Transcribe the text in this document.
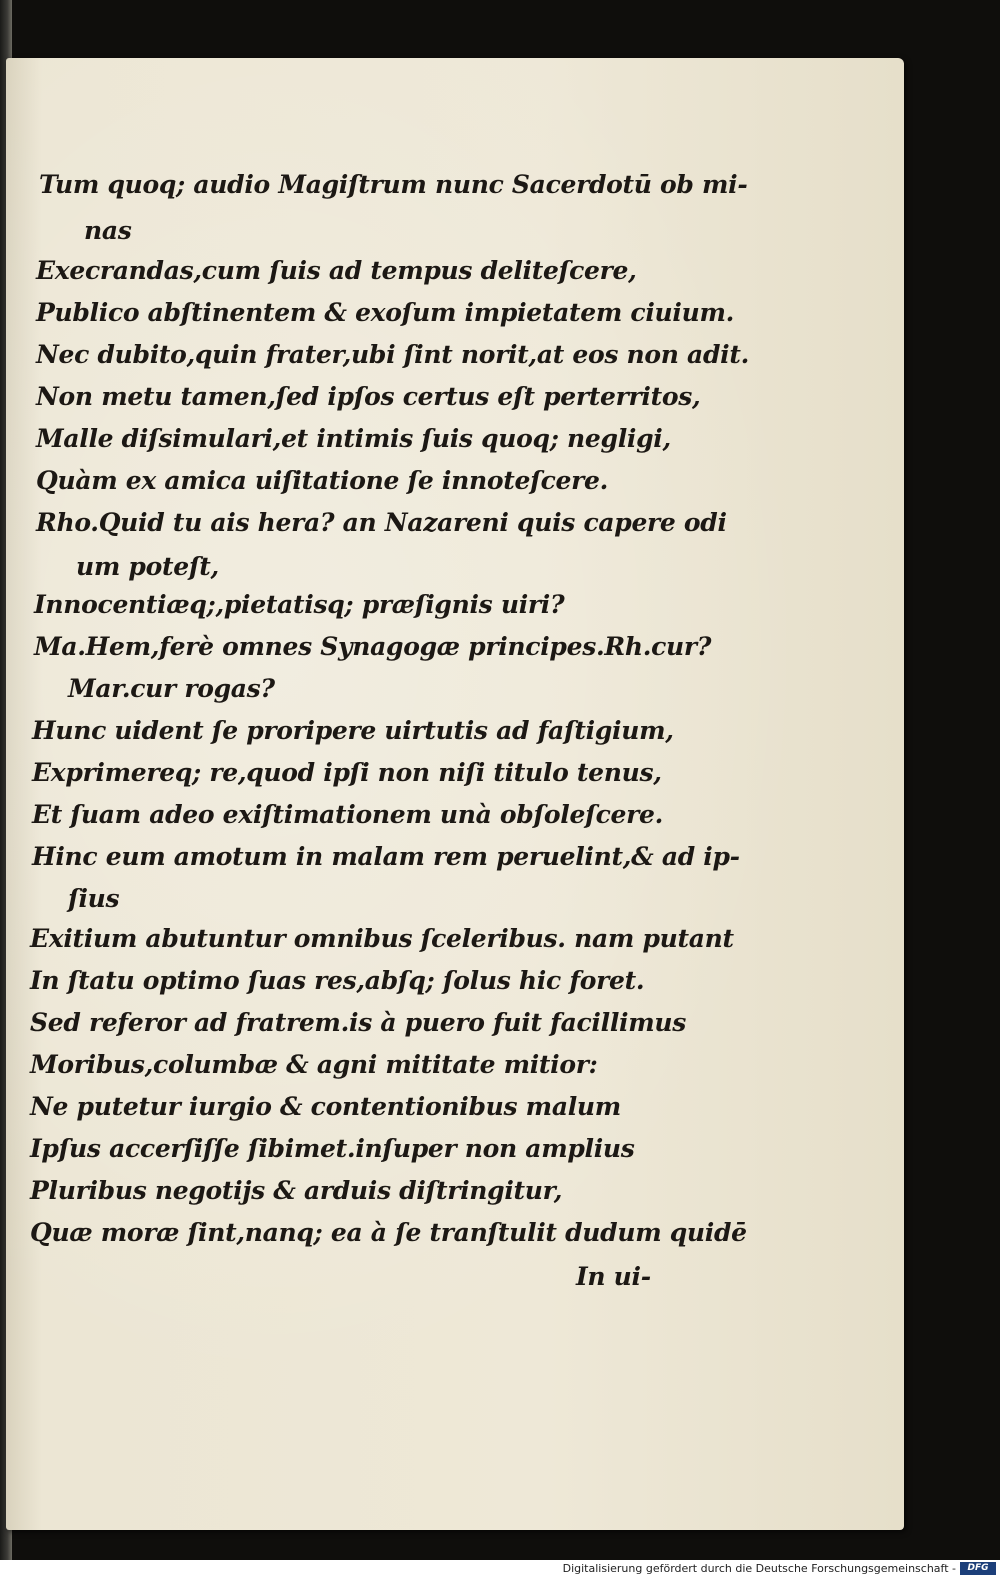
Tum quoq; audio Magiſtrum nunc Sacerdotū ob mi-
nas
Execrandas,cum ſuis ad tempus deliteſcere,
Publico abſtinentem & exoſum impietatem ciuium.
Nec dubito,quin frater,ubi ſint norit,at eos non adit.
Non metu tamen,ſed ipſos certus eſt perterritos,
Malle diſsimulari,et intimis ſuis quoq; negligi,
Quàm ex amica uiſitatione ſe innoteſcere.
Rho.Quid tu ais hera? an Nazareni quis capere odi
um poteſt,
Innocentiæq;,pietatisq; præſignis uiri?
Ma.Hem,ferè omnes Synagogæ principes.Rh.cur?
Mar.cur rogas?
Hunc uident ſe proripere uirtutis ad faſtigium,
Exprimereq; re,quod ipſi non niſi titulo tenus,
Et ſuam adeo exiſtimationem unà obſoleſcere.
Hinc eum amotum in malam rem peruelint,& ad ip-
ſius
Exitium abutuntur omnibus ſceleribus. nam putant
In ſtatu optimo ſuas res,abſq; ſolus hic foret.
Sed referor ad fratrem.is à puero fuit facillimus
Moribus,columbæ & agni mititate mitior:
Ne putetur iurgio & contentionibus malum
Ipſus accerſiſſe ſibimet.inſuper non amplius
Pluribus negotijs & arduis diſtringitur,
Quæ moræ ſint,nanq; ea à ſe tranſtulit dudum quidē
In ui-
Digitalisierung gefördert durch die Deutsche Forschungsgemeinschaft -	DFG
